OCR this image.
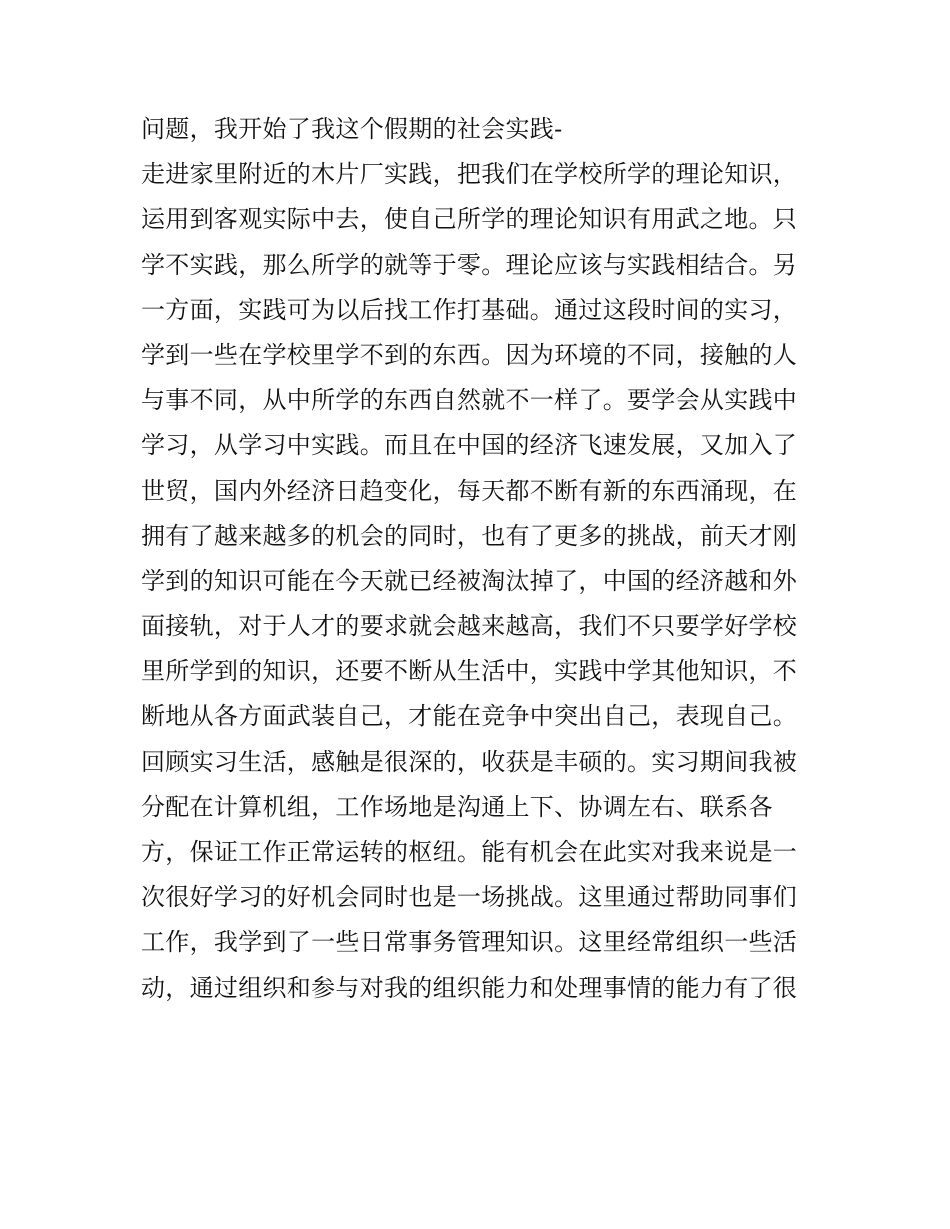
问题，我开始了我这个假期的社会实践-
走进家里附近的木片厂实践，把我们在学校所学的理论知识，
运用到客观实际中去，使自己所学的理论知识有用武之地。只
学不实践，那么所学的就等于零。理论应该与实践相结合。另
一方面，实践可为以后找工作打基础。通过这段时间的实习，
学到一些在学校里学不到的东西。因为环境的不同，接触的人
与事不同，从中所学的东西自然就不一样了。要学会从实践中
学习，从学习中实践。而且在中国的经济飞速发展，又加入了
世贸，国内外经济日趋变化，每天都不断有新的东西涌现，在
拥有了越来越多的机会的同时，也有了更多的挑战，前天才刚
学到的知识可能在今天就已经被淘汰掉了，中国的经济越和外
面接轨，对于人才的要求就会越来越高，我们不只要学好学校
里所学到的知识，还要不断从生活中，实践中学其他知识，不
断地从各方面武装自己，才能在竞争中突出自己，表现自己。
回顾实习生活，感触是很深的，收获是丰硕的。实习期间我被
分配在计算机组，工作场地是沟通上下、协调左右、联系各
方，保证工作正常运转的枢纽。能有机会在此实对我来说是一
次很好学习的好机会同时也是一场挑战。这里通过帮助同事们
工作，我学到了一些日常事务管理知识。这里经常组织一些活
动，通过组织和参与对我的组织能力和处理事情的能力有了很
